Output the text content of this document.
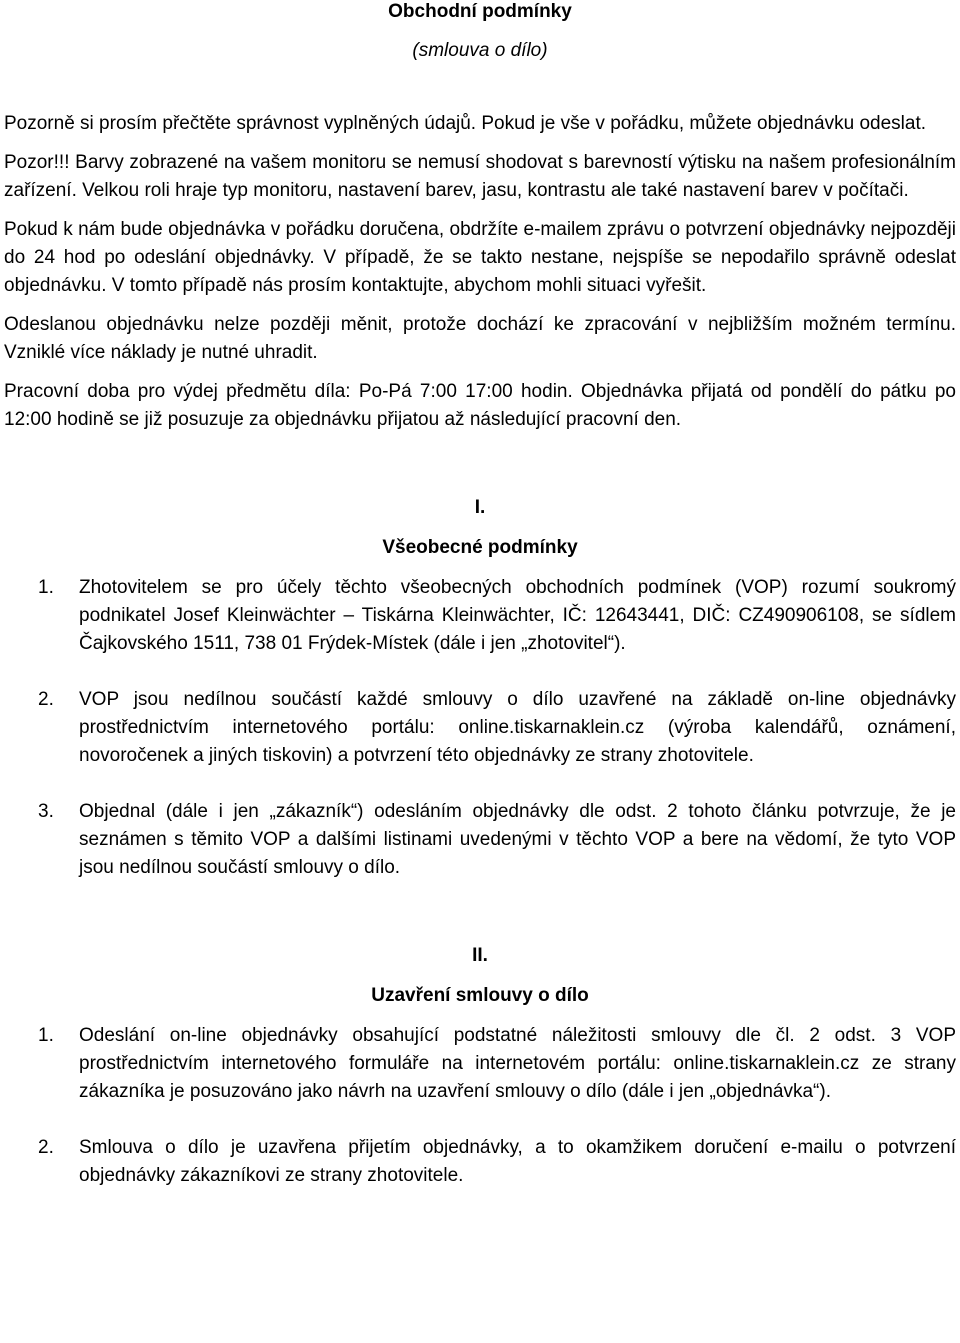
Obchodní podmínky
(smlouva o dílo)

Pozorně si prosím přečtěte správnost vyplněných údajů. Pokud je vše v pořádku, můžete objednávku odeslat.

Pozor!!! Barvy zobrazené na vašem monitoru se nemusí shodovat s barevností výtisku na našem profesionálním zařízení. Velkou roli hraje typ monitoru, nastavení barev, jasu, kontrastu ale také nastavení barev v počítači.

Pokud k nám bude objednávka v pořádku doručena, obdržíte e-mailem zprávu o potvrzení objednávky nejpozději do 24 hod po odeslání objednávky. V případě, že se takto nestane, nejspíše se nepodařilo správně odeslat objednávku. V tomto případě nás prosím kontaktujte, abychom mohli situaci vyřešit.

Odeslanou objednávku nelze později měnit, protože dochází ke zpracování v nejbližším možném termínu. Vzniklé více náklady je nutné uhradit.

Pracovní doba pro výdej předmětu díla: Po-Pá 7:00 17:00 hodin. Objednávka přijatá od pondělí do pátku po 12:00 hodině se již posuzuje za objednávku přijatou až následující pracovní den.

I.
Všeobecné podmínky
1. Zhotovitelem se pro účely těchto všeobecných obchodních podmínek (VOP) rozumí soukromý podnikatel Josef Kleinwächter – Tiskárna Kleinwächter, IČ: 12643441, DIČ: CZ490906108, se sídlem Čajkovského 1511, 738 01 Frýdek-Místek (dále i jen „zhotovitel“).
2. VOP jsou nedílnou součástí každé smlouvy o dílo uzavřené na základě on-line objednávky prostřednictvím internetového portálu: online.tiskarnaklein.cz (výroba kalendářů, oznámení, novoročenek a jiných tiskovin) a potvrzení této objednávky ze strany zhotovitele.
3. Objednal (dále i jen „zákazník“) odesláním objednávky dle odst. 2 tohoto článku potvrzuje, že je seznámen s těmito VOP a dalšími listinami uvedenými v těchto VOP a bere na vědomí, že tyto VOP jsou nedílnou součástí smlouvy o dílo.
II.
Uzavření smlouvy o dílo
1. Odeslání on-line objednávky obsahující podstatné náležitosti smlouvy dle čl. 2 odst. 3 VOP prostřednictvím internetového formuláře na internetovém portálu: online.tiskarnaklein.cz ze strany zákazníka je posuzováno jako návrh na uzavření smlouvy o dílo (dále i jen „objednávka“).
2. Smlouva o dílo je uzavřena přijetím objednávky, a to okamžikem doručení e-mailu o potvrzení objednávky zákazníkovi ze strany zhotovitele.
